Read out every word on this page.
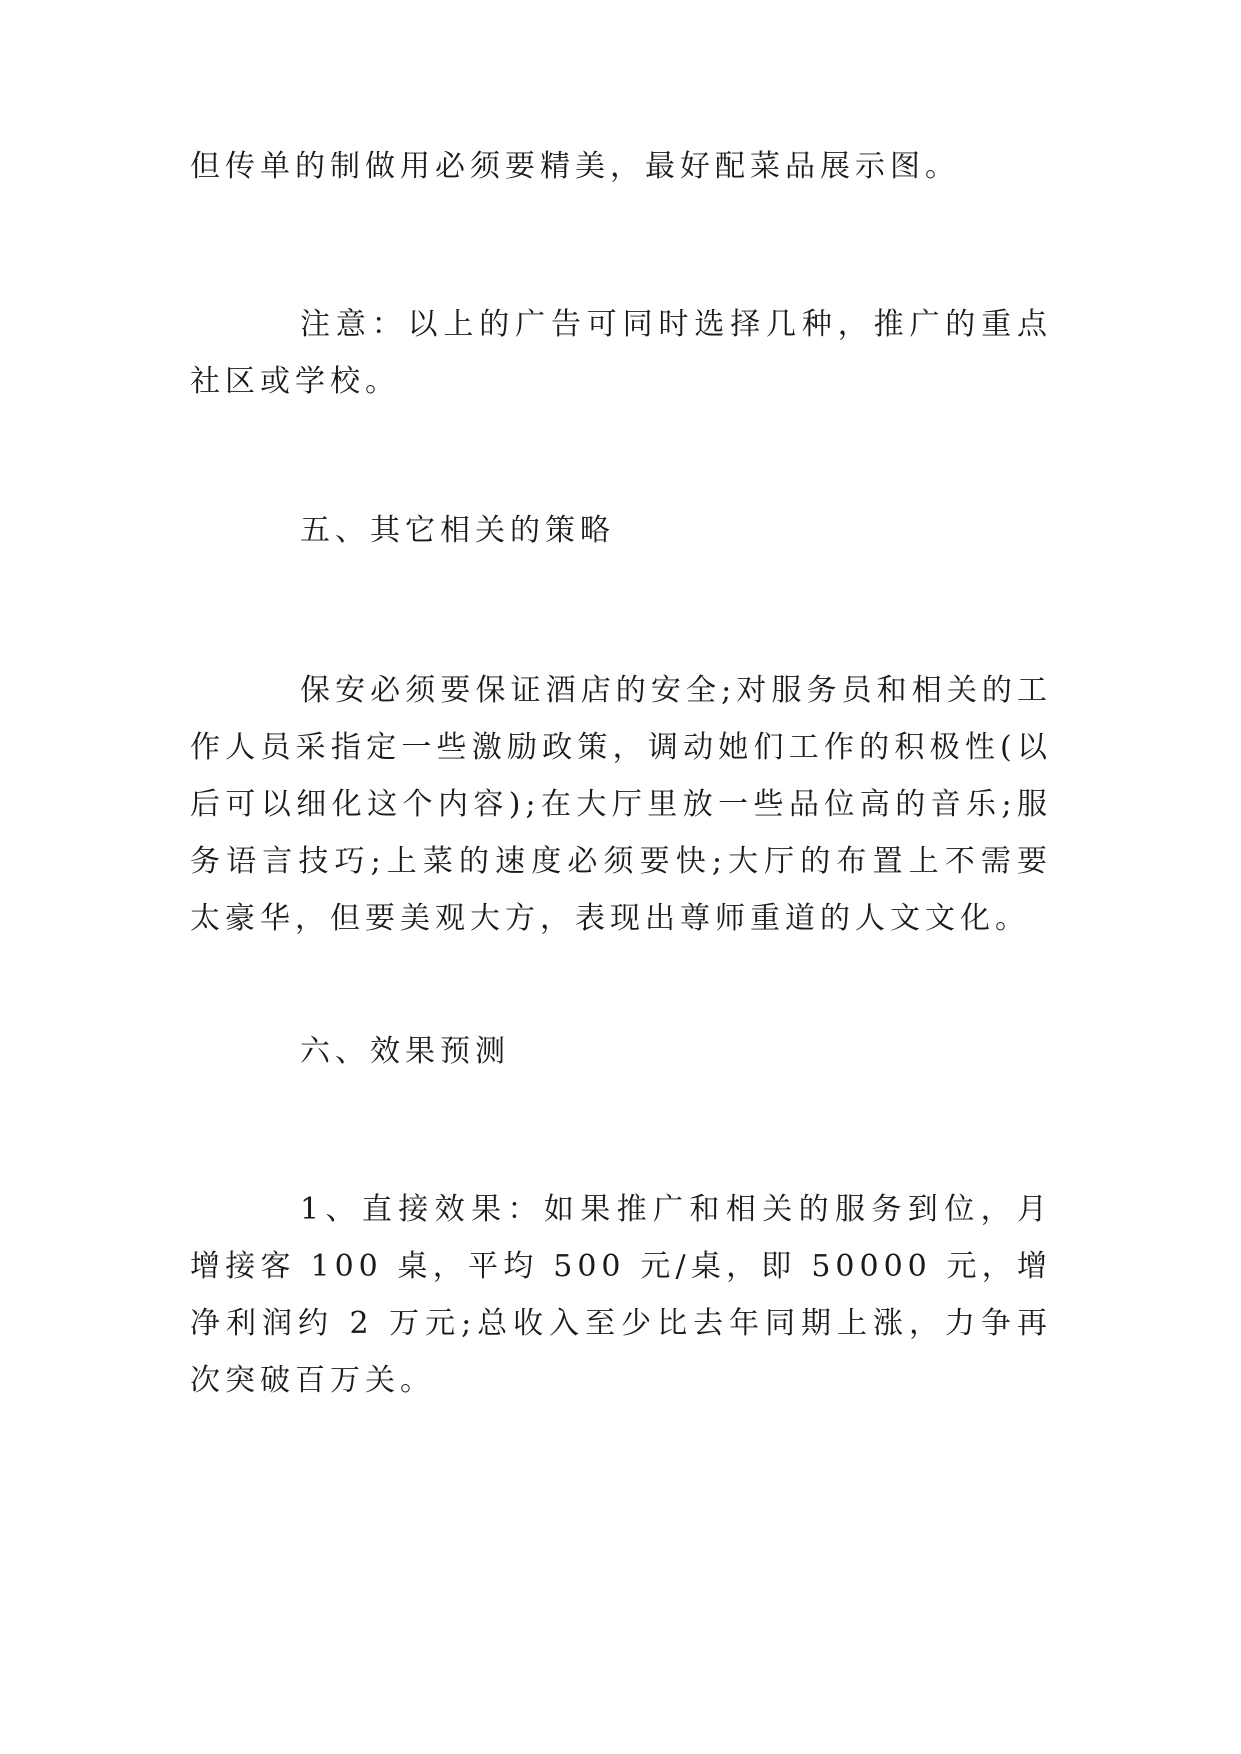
但传单的制做用必须要精美，最好配菜品展示图。

注意：以上的广告可同时选择几种，推广的重点社区或学校。

五、其它相关的策略

保安必须要保证酒店的安全;对服务员和相关的工作人员采指定一些激励政策，调动她们工作的积极性(以后可以细化这个内容);在大厅里放一些品位高的音乐;服务语言技巧;上菜的速度必须要快;大厅的布置上不需要太豪华，但要美观大方，表现出尊师重道的人文文化。

六、效果预测

1、直接效果：如果推广和相关的服务到位，月增接客 100 桌，平均 500 元/桌，即 50000 元，增净利润约 2 万元;总收入至少比去年同期上涨，力争再次突破百万关。
